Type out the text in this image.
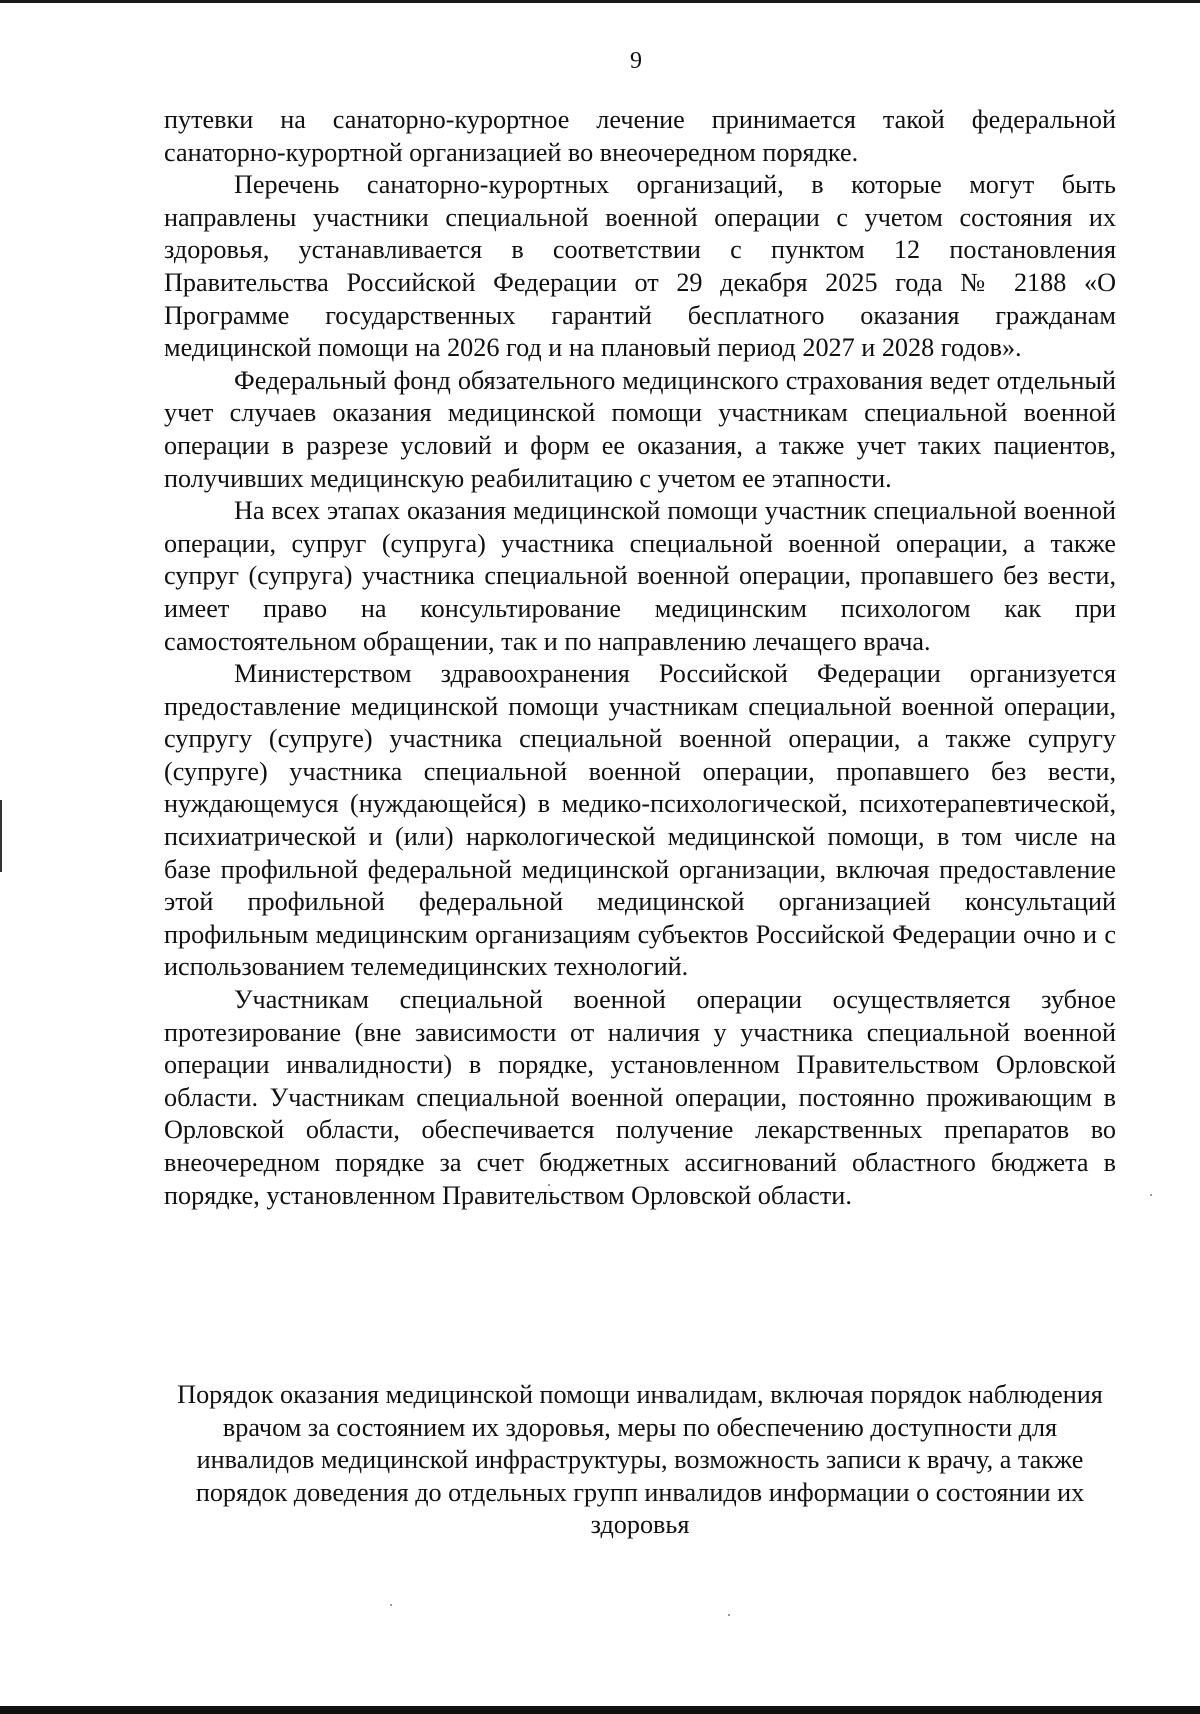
9

путевки на санаторно-курортное лечение принимается такой федеральной санаторно-курортной организацией во внеочередном порядке.

Перечень санаторно-курортных организаций, в которые могут быть направлены участники специальной военной операции с учетом состояния их здоровья, устанавливается в соответствии с пунктом 12 постановления Правительства Российской Федерации от 29 декабря 2025 года № 2188 «О Программе государственных гарантий бесплатного оказания гражданам медицинской помощи на 2026 год и на плановый период 2027 и 2028 годов».

Федеральный фонд обязательного медицинского страхования ведет отдельный учет случаев оказания медицинской помощи участникам специальной военной операции в разрезе условий и форм ее оказания, а также учет таких пациентов, получивших медицинскую реабилитацию с учетом ее этапности.

На всех этапах оказания медицинской помощи участник специальной военной операции, супруг (супруга) участника специальной военной операции, а также супруг (супруга) участника специальной военной операции, пропавшего без вести, имеет право на консультирование медицинским психологом как при самостоятельном обращении, так и по направлению лечащего врача.

Министерством здравоохранения Российской Федерации организуется предоставление медицинской помощи участникам специальной военной операции, супругу (супруге) участника специальной военной операции, а также супругу (супруге) участника специальной военной операции, пропавшего без вести, нуждающемуся (нуждающейся) в медико-психологической, психотерапевтической, психиатрической и (или) наркологической медицинской помощи, в том числе на базе профильной федеральной медицинской организации, включая предоставление этой профильной федеральной медицинской организацией консультаций профильным медицинским организациям субъектов Российской Федерации очно и с использованием телемедицинских технологий.

Участникам специальной военной операции осуществляется зубное протезирование (вне зависимости от наличия у участника специальной военной операции инвалидности) в порядке, установленном Правительством Орловской области. Участникам специальной военной операции, постоянно проживающим в Орловской области, обеспечивается получение лекарственных препаратов во внеочередном порядке за счет бюджетных ассигнований областного бюджета в порядке, установленном Правительством Орловской области.

Порядок оказания медицинской помощи инвалидам, включая порядок наблюдения врачом за состоянием их здоровья, меры по обеспечению доступности для инвалидов медицинской инфраструктуры, возможность записи к врачу, а также порядок доведения до отдельных групп инвалидов информации о состоянии их здоровья
